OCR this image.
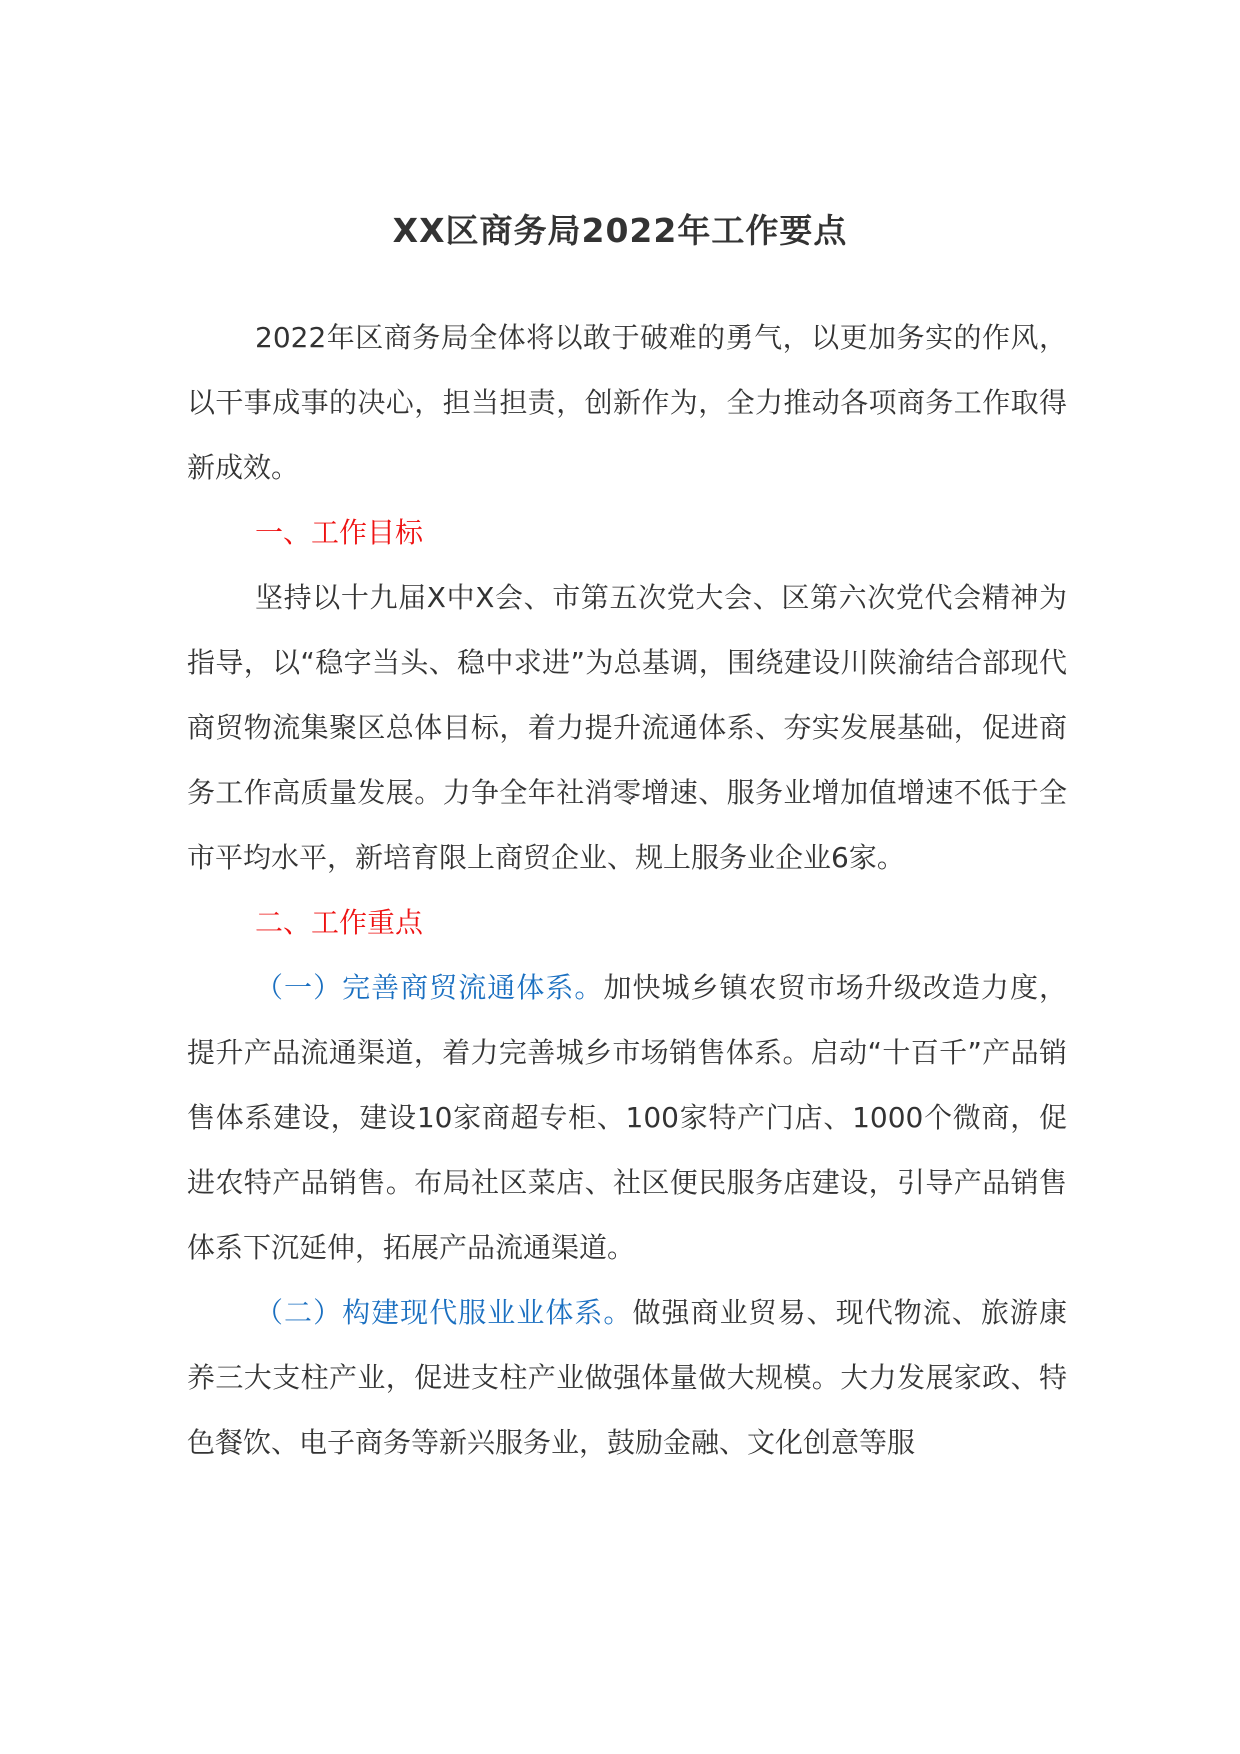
XX区商务局2022年工作要点

2022年区商务局全体将以敢于破难的勇气，以更加务实的作风，以干事成事的决心，担当担责，创新作为，全力推动各项商务工作取得新成效。

一、工作目标

坚持以十九届X中X会、市第五次党大会、区第六次党代会精神为指导，以“稳字当头、稳中求进”为总基调，围绕建设川陕渝结合部现代商贸物流集聚区总体目标，着力提升流通体系、夯实发展基础，促进商务工作高质量发展。力争全年社消零增速、服务业增加值增速不低于全市平均水平，新培育限上商贸企业、规上服务业企业6家。

二、工作重点

（一）完善商贸流通体系。加快城乡镇农贸市场升级改造力度，提升产品流通渠道，着力完善城乡市场销售体系。启动“十百千”产品销售体系建设，建设10家商超专柜、100家特产门店、1000个微商，促进农特产品销售。布局社区菜店、社区便民服务店建设，引导产品销售体系下沉延伸，拓展产品流通渠道。

（二）构建现代服业业体系。做强商业贸易、现代物流、旅游康养三大支柱产业，促进支柱产业做强体量做大规模。大力发展家政、特色餐饮、电子商务等新兴服务业，鼓励金融、文化创意等服
